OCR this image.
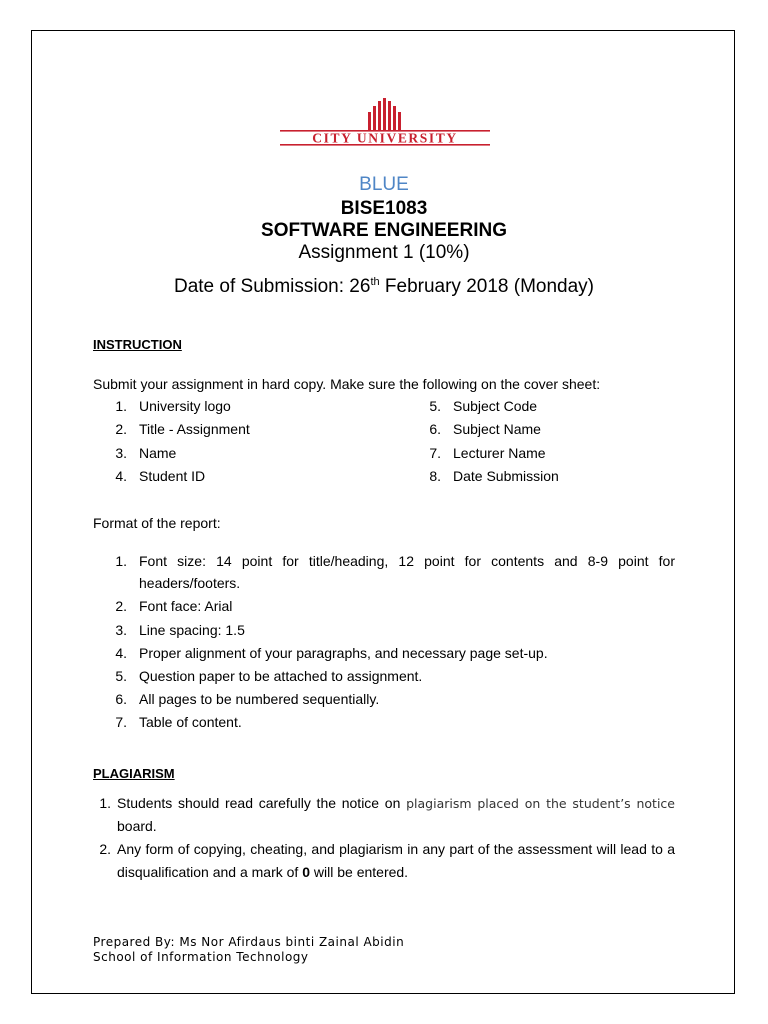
CITY UNIVERSITY
BLUE
BISE1083
SOFTWARE ENGINEERING
Assignment 1 (10%)
Date of Submission: 26th February 2018 (Monday)
INSTRUCTION
Submit your assignment in hard copy. Make sure the following on the cover sheet:
1. University logo
2. Title - Assignment
3. Name
4. Student ID
5. Subject Code
6. Subject Name
7. Lecturer Name
8. Date Submission
Format of the report:
1. Font size: 14 point for title/heading, 12 point for contents and 8-9 point for
headers/footers.
2. Font face: Arial
3. Line spacing: 1.5
4. Proper alignment of your paragraphs, and necessary page set-up.
5. Question paper to be attached to assignment.
6. All pages to be numbered sequentially.
7. Table of content.
PLAGIARISM
1. Students should read carefully the notice on plagiarism placed on the student’s notice
board.
2. Any form of copying, cheating, and plagiarism in any part of the assessment will lead to a
disqualification and a mark of 0 will be entered.
Prepared By: Ms Nor Afirdaus binti Zainal Abidin
School of Information Technology
